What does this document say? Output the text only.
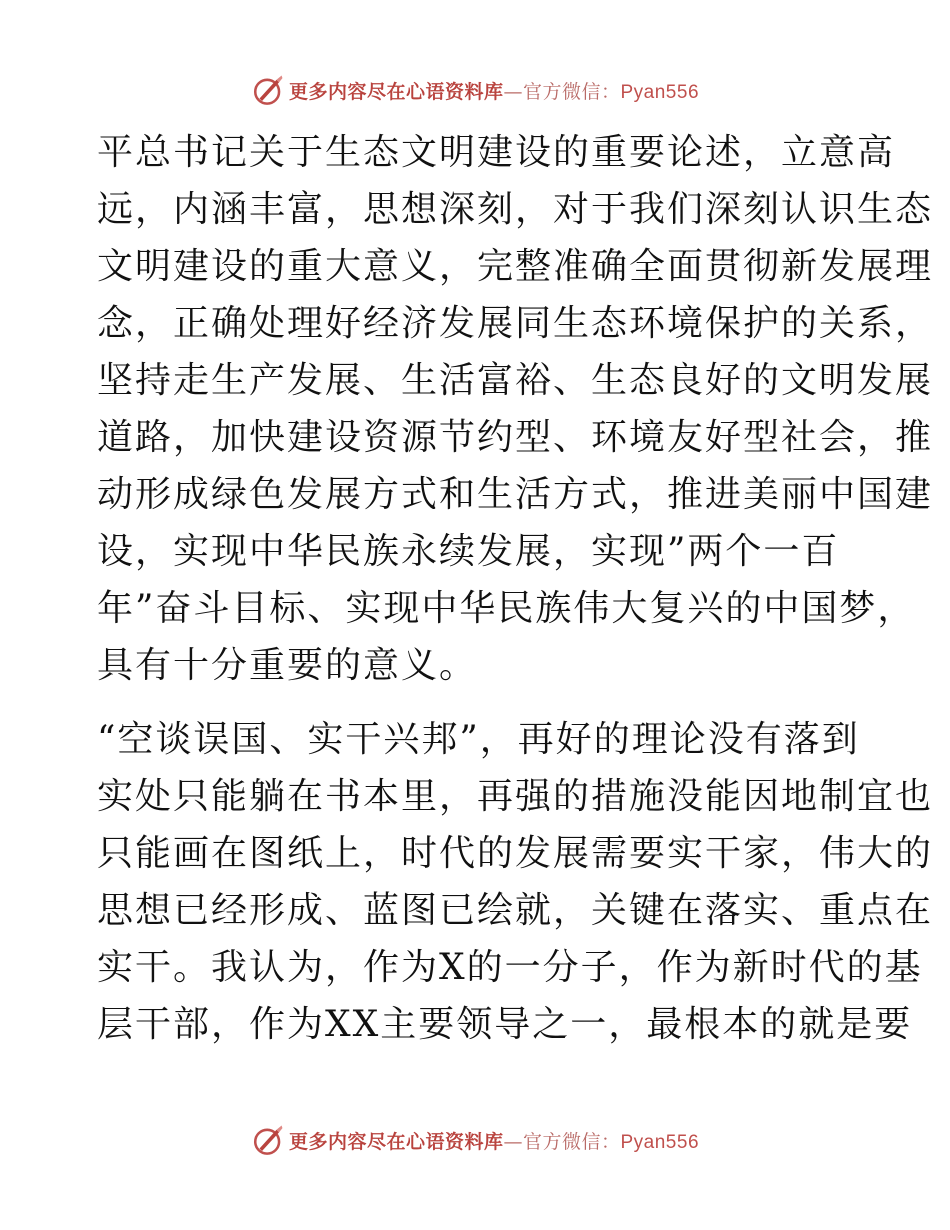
更多内容尽在心语资料库—官方微信：Pyan556
平总书记关于生态文明建设的重要论述，立意高
远，内涵丰富，思想深刻，对于我们深刻认识生态
文明建设的重大意义，完整准确全面贯彻新发展理
念，正确处理好经济发展同生态环境保护的关系，
坚持走生产发展、生活富裕、生态良好的文明发展
道路，加快建设资源节约型、环境友好型社会，推
动形成绿色发展方式和生活方式，推进美丽中国建
设，实现中华民族永续发展，实现”两个一百
年”奋斗目标、实现中华民族伟大复兴的中国梦，
具有十分重要的意义。
“空谈误国、实干兴邦”，再好的理论没有落到
实处只能躺在书本里，再强的措施没能因地制宜也
只能画在图纸上，时代的发展需要实干家，伟大的
思想已经形成、蓝图已绘就，关键在落实、重点在
实干。我认为，作为X的一分子，作为新时代的基
层干部，作为XX主要领导之一，最根本的就是要
更多内容尽在心语资料库—官方微信：Pyan556
